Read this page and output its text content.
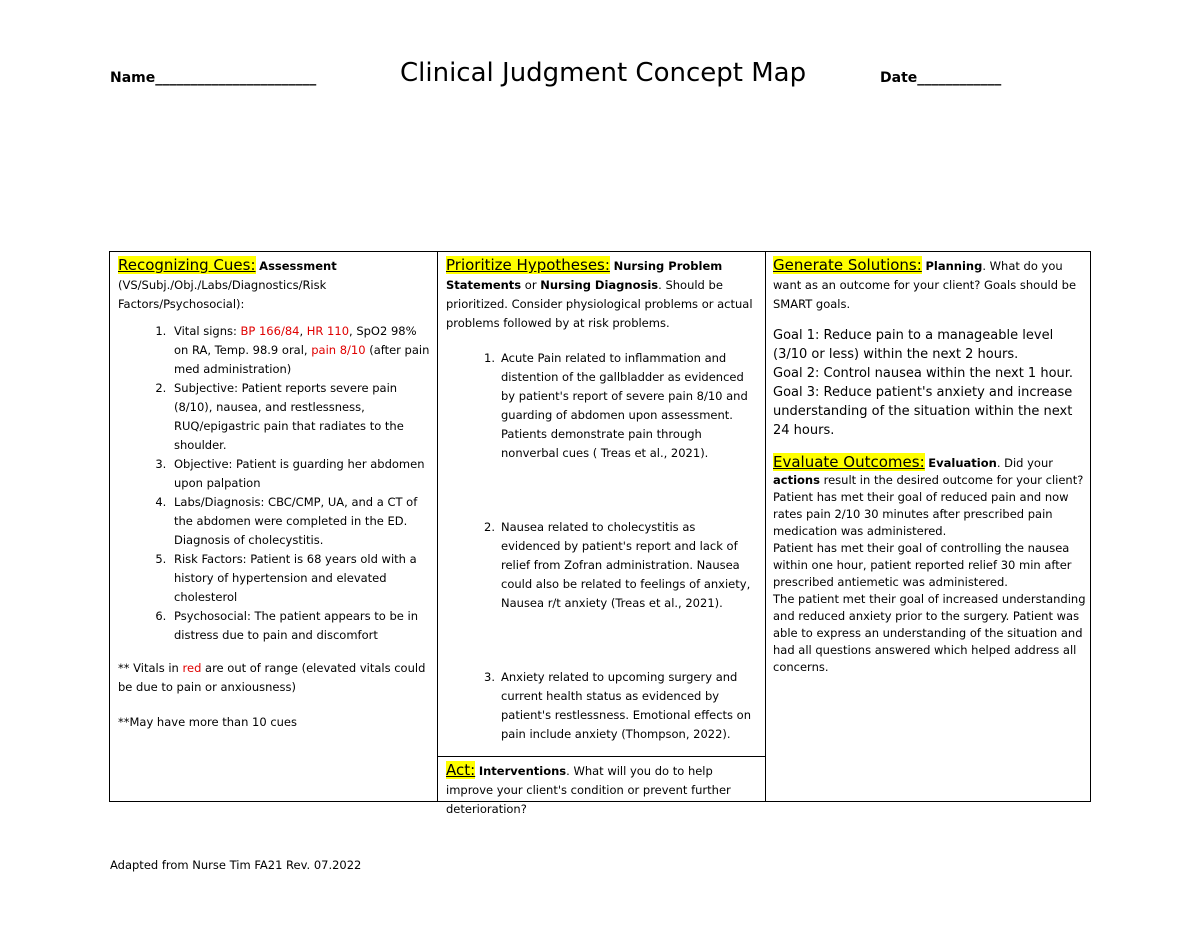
Name_______________________	Clinical Judgment Concept Map	Date____________

Recognizing Cues: Assessment

(VS/Subj./Obj./Labs/Diagnostics/Risk Factors/Psychosocial):

1. Vital signs: BP 166/84, HR 110, SpO2 98% on RA, Temp. 98.9 oral, pain 8/10 (after pain med administration)
2. Subjective: Patient reports severe pain (8/10), nausea, and restlessness, RUQ/epigastric pain that radiates to the shoulder.
3. Objective: Patient is guarding her abdomen upon palpation
4. Labs/Diagnosis: CBC/CMP, UA, and a CT of the abdomen were completed in the ED. Diagnosis of cholecystitis.
5. Risk Factors: Patient is 68 years old with a history of hypertension and elevated cholesterol
6. Psychosocial: The patient appears to be in distress due to pain and discomfort

** Vitals in red are out of range (elevated vitals could be due to pain or anxiousness)

**May have more than 10 cues

Prioritize Hypotheses: Nursing Problem Statements or Nursing Diagnosis. Should be prioritized. Consider physiological problems or actual problems followed by at risk problems.

1. Acute Pain related to inflammation and distention of the gallbladder as evidenced by patient's report of severe pain 8/10 and guarding of abdomen upon assessment. Patients demonstrate pain through nonverbal cues ( Treas et al., 2021).
2. Nausea related to cholecystitis as evidenced by patient's report and lack of relief from Zofran administration. Nausea could also be related to feelings of anxiety, Nausea r/t anxiety (Treas et al., 2021).
3. Anxiety related to upcoming surgery and current health status as evidenced by patient's restlessness. Emotional effects on pain include anxiety (Thompson, 2022).

Act: Interventions. What will you do to help improve your client's condition or prevent further deterioration?

Generate Solutions: Planning. What do you want as an outcome for your client? Goals should be SMART goals.

Goal 1: Reduce pain to a manageable level (3/10 or less) within the next 2 hours.

Goal 2: Control nausea within the next 1 hour.

Goal 3: Reduce patient's anxiety and increase understanding of the situation within the next 24 hours.

Evaluate Outcomes: Evaluation. Did your actions result in the desired outcome for your client?

Patient has met their goal of reduced pain and now rates pain 2/10 30 minutes after prescribed pain medication was administered.

Patient has met their goal of controlling the nausea within one hour, patient reported relief 30 min after prescribed antiemetic was administered.

The patient met their goal of increased understanding and reduced anxiety prior to the surgery. Patient was able to express an understanding of the situation and had all questions answered which helped address all concerns.

Adapted from Nurse Tim FA21 Rev. 07.2022
